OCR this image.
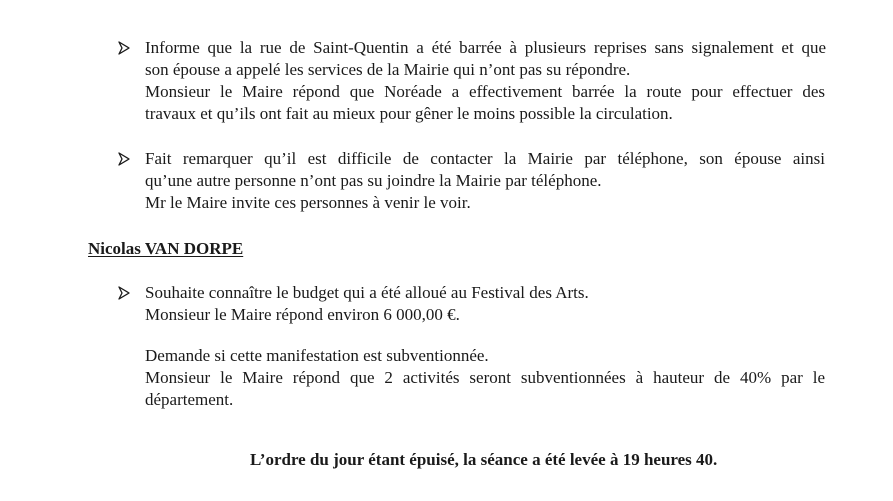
Informe que la rue de Saint-Quentin a été barrée à plusieurs reprises sans signalement et que
son épouse a appelé les services de la Mairie qui n’ont pas su répondre.
Monsieur le Maire répond que Noréade a effectivement barrée la route pour effectuer des
travaux et qu’ils ont fait au mieux pour gêner le moins possible la circulation.
Fait remarquer qu’il est difficile de contacter la Mairie par téléphone, son épouse ainsi
qu’une autre personne n’ont pas su joindre la Mairie par téléphone.
Mr le Maire invite ces personnes à venir le voir.
Nicolas VAN DORPE
Souhaite connaître le budget qui a été alloué au Festival des Arts.
Monsieur le Maire répond environ 6 000,00 €.
Demande si cette manifestation est subventionnée.
Monsieur le Maire répond que 2 activités seront subventionnées à hauteur de 40% par le
département.
L’ordre du jour étant épuisé, la séance a été levée à 19 heures 40.
